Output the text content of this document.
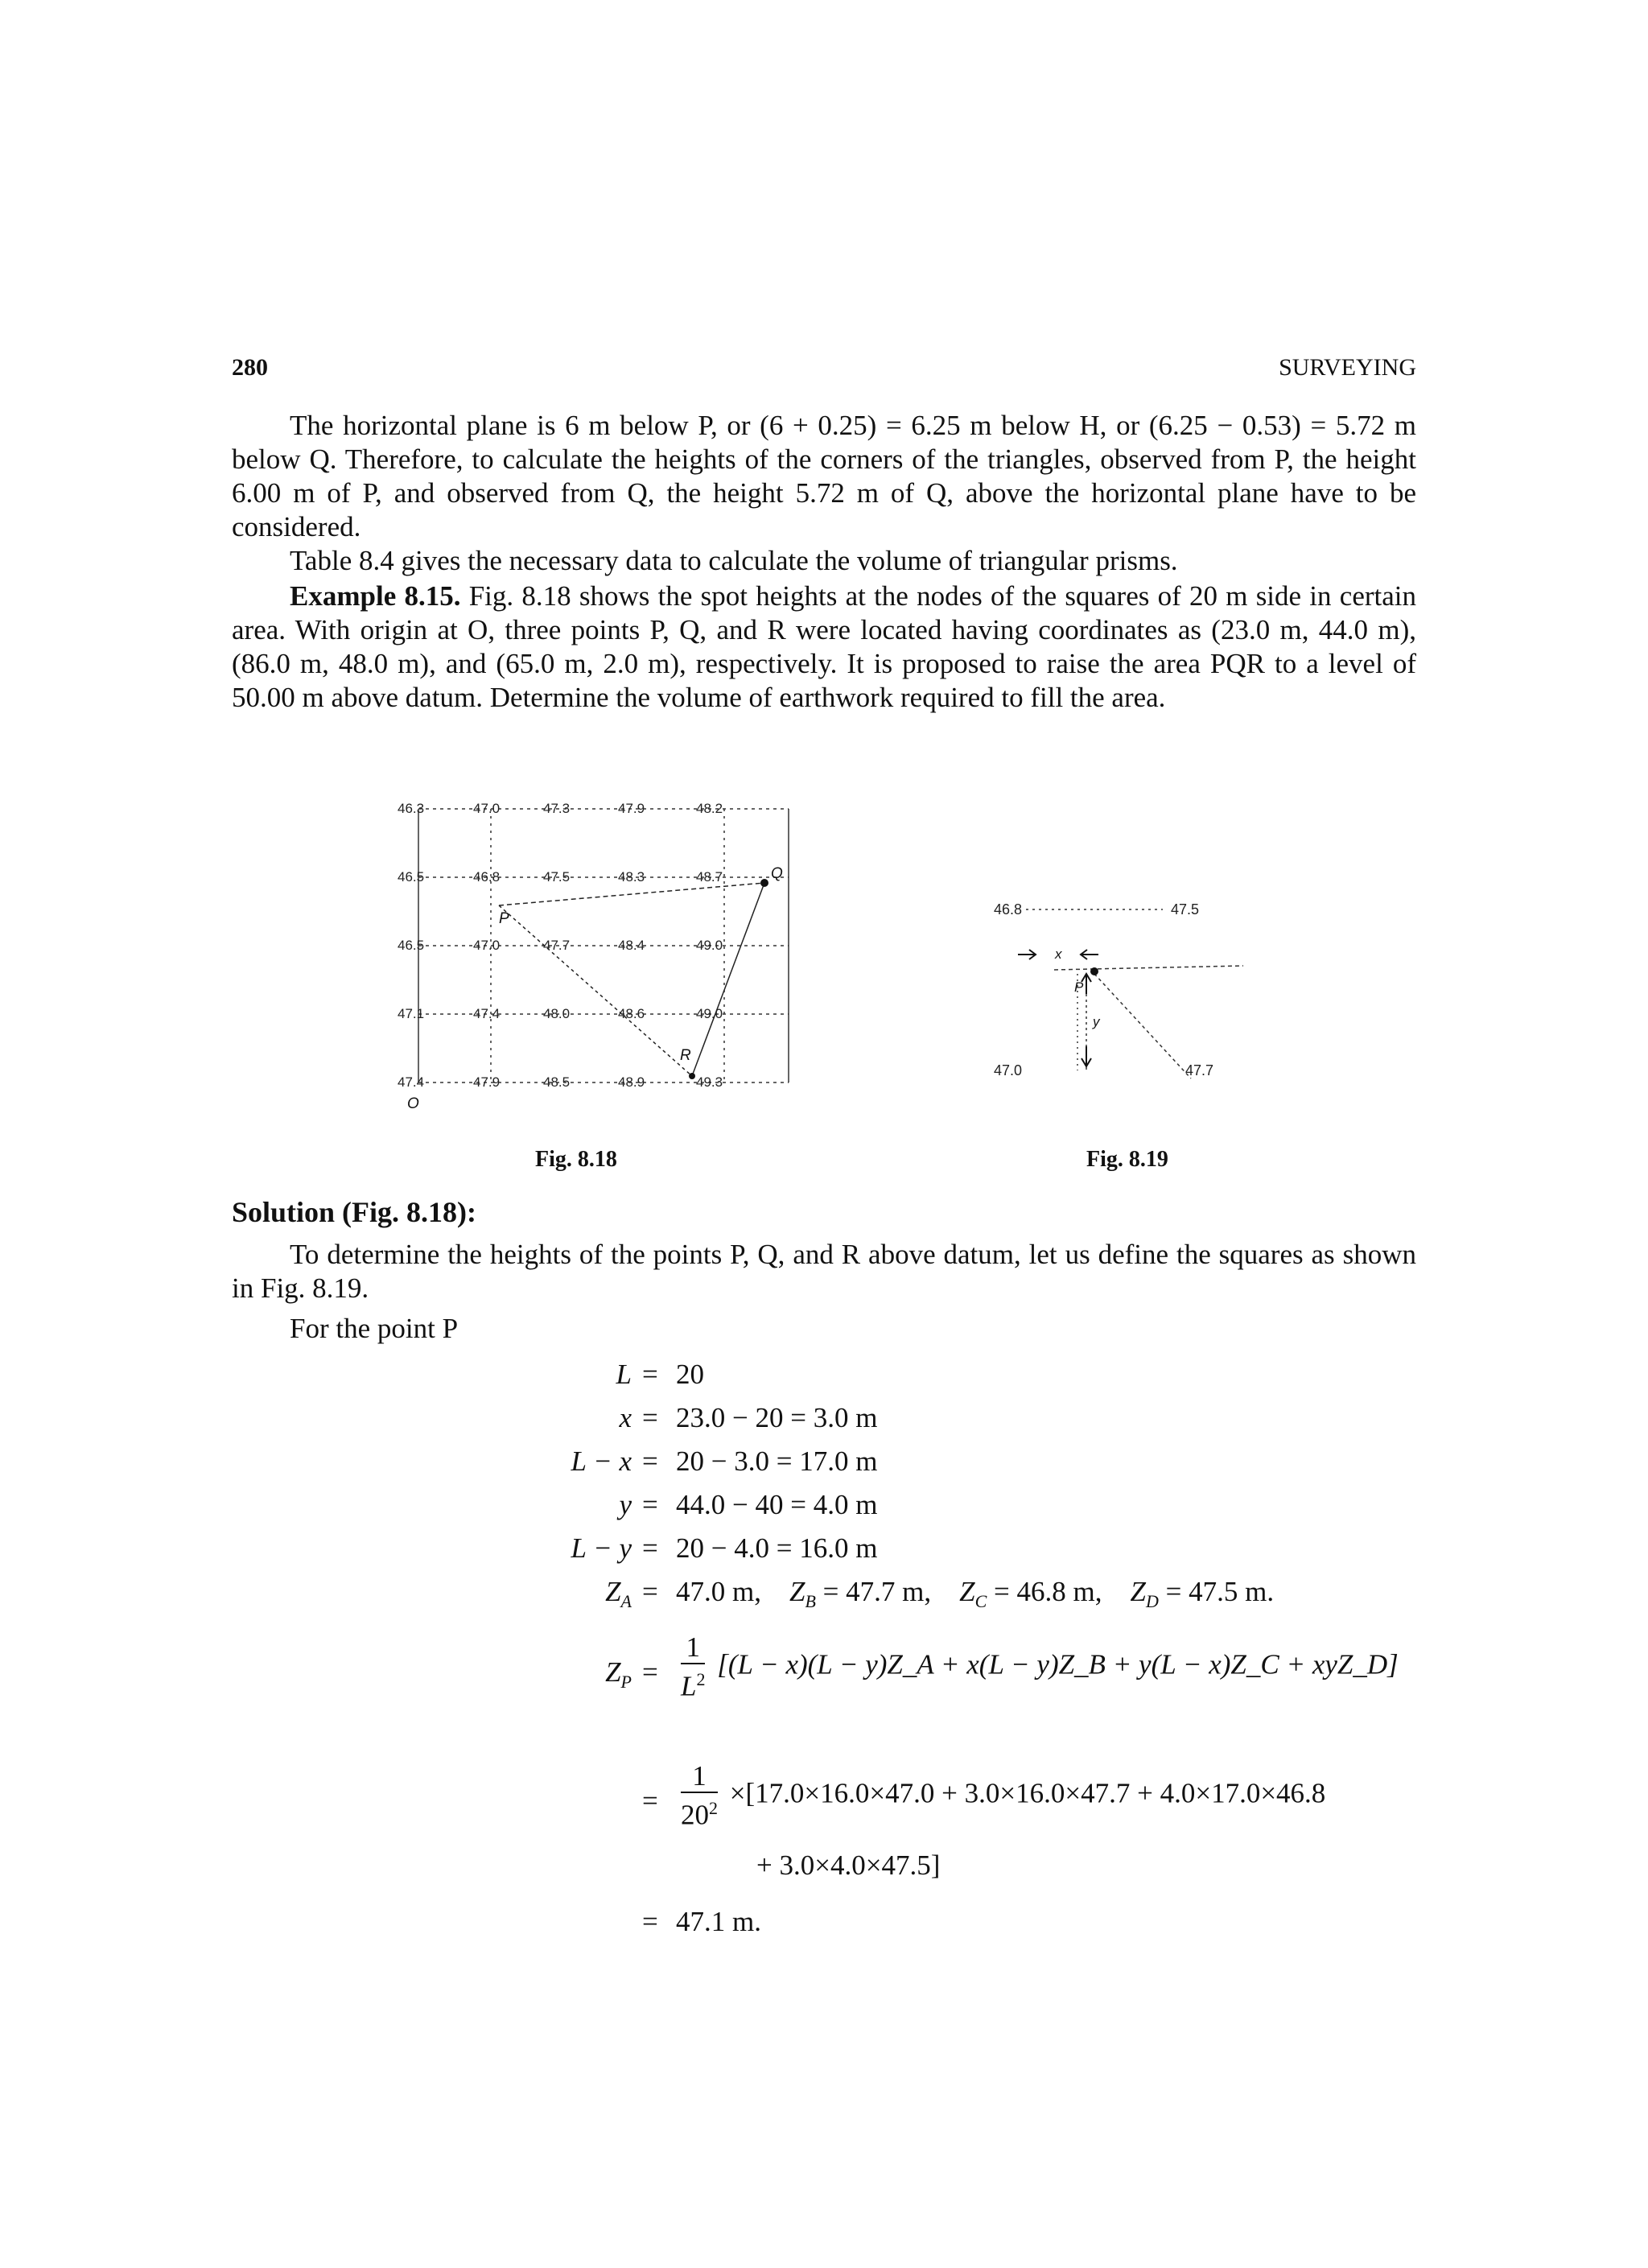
280	SURVEYING
The horizontal plane is 6 m below P, or (6 + 0.25) = 6.25 m below H, or (6.25 − 0.53) = 5.72 m below Q. Therefore, to calculate the heights of the corners of the triangles, observed from P, the height 6.00 m of P, and observed from Q, the height 5.72 m of Q, above the horizontal plane have to be considered.
Table 8.4 gives the necessary data to calculate the volume of triangular prisms.
Example 8.15. Fig. 8.18 shows the spot heights at the nodes of the squares of 20 m side in certain area. With origin at O, three points P, Q, and R were located having coordinates as (23.0 m, 44.0 m), (86.0 m, 48.0 m), and (65.0 m, 2.0 m), respectively. It is proposed to raise the area PQR to a level of 50.00 m above datum. Determine the volume of earthwork required to fill the area.
46.3	47.0	47.3	47.9	48.2
46.5	46.8	47.5	48.3	48.7
46.5	47.0	47.7	48.4	49.0
47.1	47.4	48.0	48.6	49.0
47.4	47.9	48.5	48.9	49.3
O
P
Q
R
Fig. 8.18
46.8	47.5
47.0	47.7
x
P
y
Fig. 8.19
Solution (Fig. 8.18):
To determine the heights of the points P, Q, and R above datum, let us define the squares as shown in Fig. 8.19.
For the point P
L = 20
x = 23.0 − 20 = 3.0 m
L − x = 20 − 3.0 = 17.0 m
y = 44.0 − 40 = 4.0 m
L − y = 20 − 4.0 = 16.0 m
$Z_A = 47.0$ m, $Z_B = 47.7$ m, $Z_C = 46.8$ m, $Z_D = 47.5$ m.
$Z_P = \frac{1}{L^2} [(L - x)(L$ − y)Z_A + x(L − y)Z_B + y(L − x)Z_C + xyZ_D]
= $\frac{1}{20^2} \times[17.0\times 16.0\times 47.0 + 3.0\times 16.0\times 47.7 + 4.0\times 17.0\times 46.8$
+ 3.0×4.0×47.5]
= 47.1 m.
